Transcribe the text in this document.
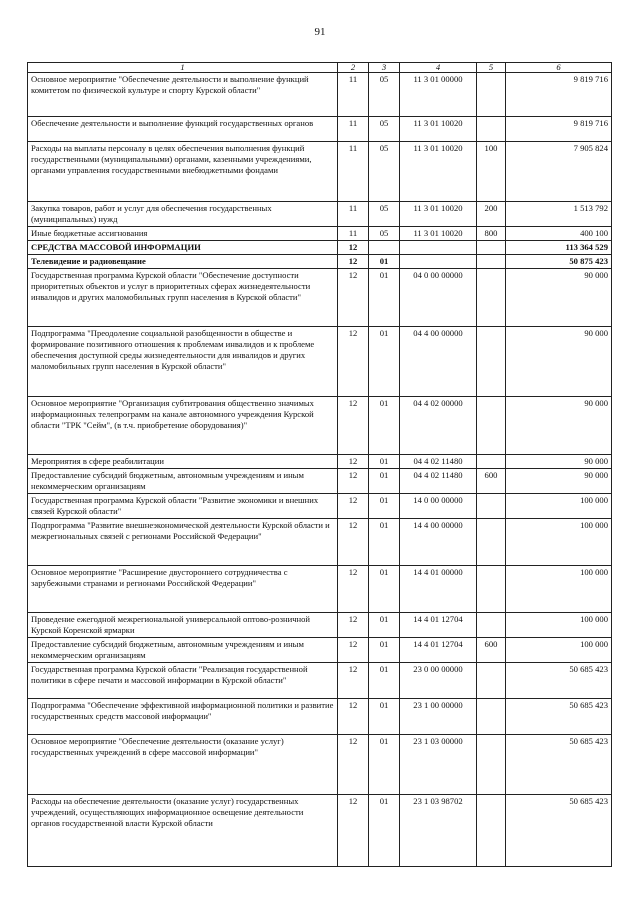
91
1	2	3	4	5	6
Основное мероприятие "Обеспечение деятельности и выполнение функций комитетом по физической культуре и спорту Курской области"	11	05	11 3 01 00000		9 819 716
Обеспечение деятельности и выполнение функций государственных органов	11	05	11 3 01 10020		9 819 716
Расходы на выплаты персоналу в целях обеспечения выполнения функций государственными (муниципальными) органами, казенными учреждениями, органами управления государственными внебюджетными фондами	11	05	11 3 01 10020	100	7 905 824
Закупка товаров, работ и услуг для обеспечения государственных (муниципальных) нужд	11	05	11 3 01 10020	200	1 513 792
Иные бюджетные ассигнования	11	05	11 3 01 10020	800	400 100
СРЕДСТВА МАССОВОЙ ИНФОРМАЦИИ	12				113 364 529
Телевидение и радиовещание	12	01			50 875 423
Государственная программа Курской области "Обеспечение доступности приоритетных объектов и услуг в приоритетных сферах жизнедеятельности инвалидов и других маломобильных групп населения в Курской области"	12	01	04 0 00 00000		90 000
Подпрограмма "Преодоление социальной разобщенности в обществе и формирование позитивного отношения к проблемам инвалидов и к проблеме обеспечения доступной среды жизнедеятельности для инвалидов и других маломобильных групп населения в Курской области"	12	01	04 4 00 00000		90 000
Основное мероприятие "Организация субтитрования общественно значимых информационных телепрограмм на канале автономного учреждения Курской области "ТРК "Сейм", (в т.ч. приобретение оборудования)"	12	01	04 4 02 00000		90 000
Мероприятия в сфере реабилитации	12	01	04 4 02 11480		90 000
Предоставление субсидий бюджетным, автономным учреждениям и иным некоммерческим организациям	12	01	04 4 02 11480	600	90 000
Государственная программа Курской области "Развитие экономики и внешних связей Курской области"	12	01	14 0 00 00000		100 000
Подпрограмма "Развитие внешнеэкономической деятельности Курской области и межрегиональных связей с регионами Российской Федерации"	12	01	14 4 00 00000		100 000
Основное мероприятие "Расширение двустороннего сотрудничества с зарубежными странами и регионами Российской Федерации"	12	01	14 4 01 00000		100 000
Проведение ежегодной межрегиональной универсальной оптово-розничной Курской Коренской ярмарки	12	01	14 4 01 12704		100 000
Предоставление субсидий бюджетным, автономным учреждениям и иным некоммерческим организациям	12	01	14 4 01 12704	600	100 000
Государственная программа Курской области "Реализация государственной политики в сфере печати и массовой информации в Курской области"	12	01	23 0 00 00000		50 685 423
Подпрограмма "Обеспечение эффективной информационной политики и развитие государственных средств массовой информации"	12	01	23 1 00 00000		50 685 423
Основное мероприятие "Обеспечение деятельности (оказание услуг) государственных учреждений в сфере массовой информации"	12	01	23 1 03 00000		50 685 423
Расходы на обеспечение деятельности (оказание услуг) государственных учреждений, осуществляющих информационное освещение деятельности органов государственной власти Курской области	12	01	23 1 03 98702		50 685 423
